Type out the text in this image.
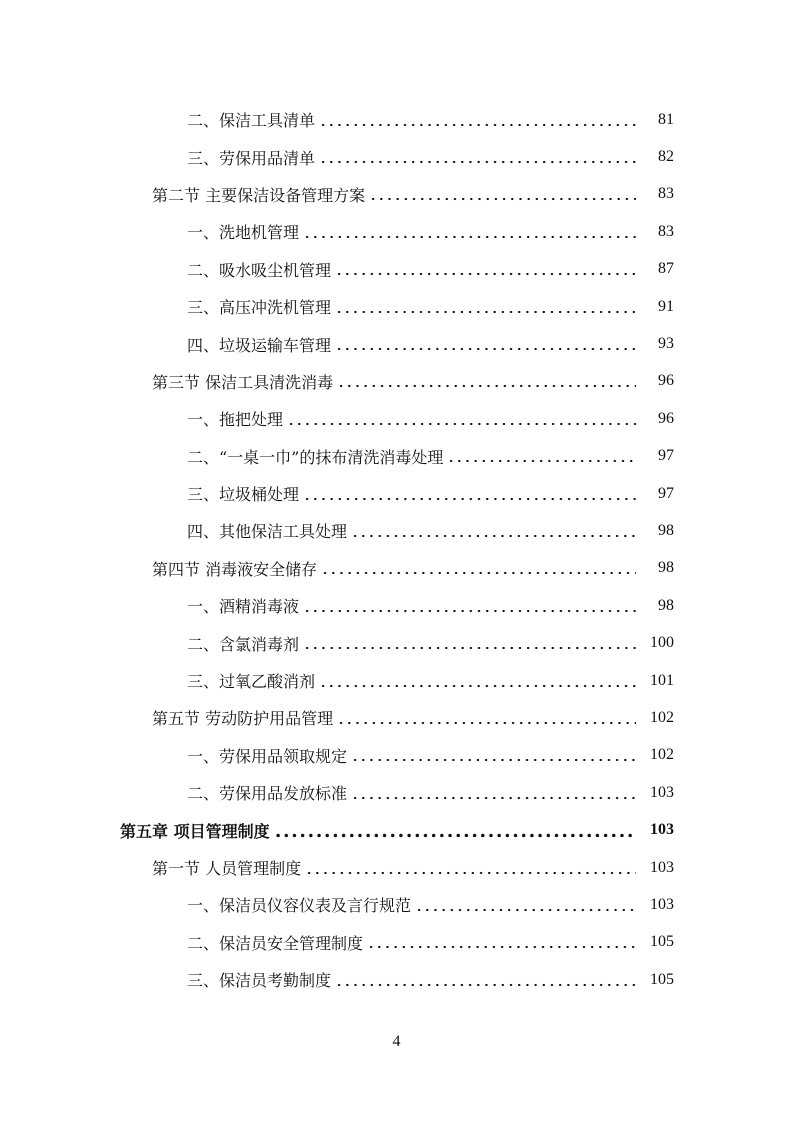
二、保洁工具清单	81
三、劳保用品清单	82
第二节 主要保洁设备管理方案	83
一、洗地机管理	83
二、吸水吸尘机管理	87
三、高压冲洗机管理	91
四、垃圾运输车管理	93
第三节 保洁工具清洗消毒	96
一、拖把处理	96
二、“一桌一巾”的抹布清洗消毒处理	97
三、垃圾桶处理	97
四、其他保洁工具处理	98
第四节 消毒液安全储存	98
一、酒精消毒液	98
二、含氯消毒剂	100
三、过氧乙酸消剂	101
第五节 劳动防护用品管理	102
一、劳保用品领取规定	102
二、劳保用品发放标准	103
第五章 项目管理制度	103
第一节 人员管理制度	103
一、保洁员仪容仪表及言行规范	103
二、保洁员安全管理制度	105
三、保洁员考勤制度	105
4
